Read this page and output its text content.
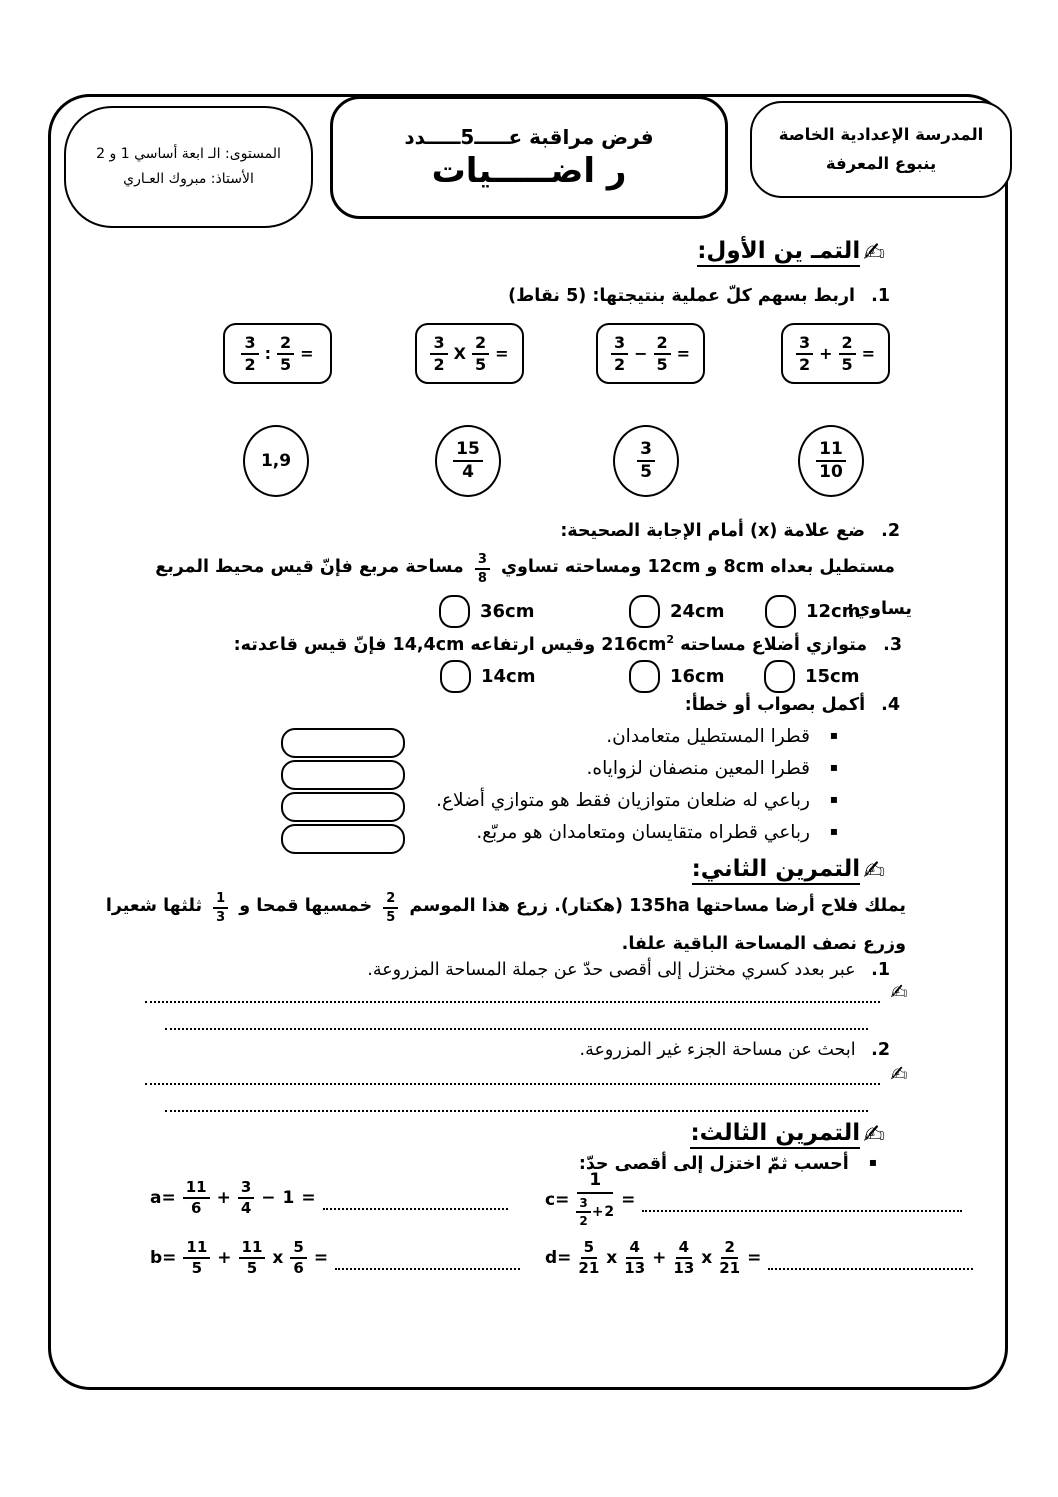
المدرسة الإعدادية الخاصة
ينبوع المعرفة
فرض مراقبة عـــــ5ـــــدد
ر اضـــــيات
المستوى: الـ ابعة أساسي 1 و 2
الأستاذ: مبروك العـاري
✍
التمـ ين الأول:
1. اربط بسهم كلّ عملية بنتيجتها: (5 نقاط)
$\frac{3}{2}$ : $\frac{2}{5}$ =	$\frac{3}{2}$ X $\frac{2}{5}$ =	$\frac{3}{2} - \frac{2}{5}$ =	$\frac{3}{2} + \frac{2}{5}$ =
1,9	$\frac{15}{4}$	$\frac{3}{5}$	$\frac{11}{10}$
2. ضع علامة (x) أمام الإجابة الصحيحة:
مستطيل بعداه 8cm و 12cm ومساحته تساوي
$\frac{3}{8}$
مساحة مربع فإنّ قيس محيط المربع
يساوي:
12cm
24cm
36cm
3. متوازي أضلاع مساحته $216cm^2$ وقيس ارتفاعه 14,4cm فإنّ قيس قاعدته:
15cm
16cm
14cm
4. أكمل بصواب أو خطأ:
▪ قطرا المستطيل متعامدان.
▪ قطرا المعين منصفان لزواياه.
▪ رباعي له ضلعان متوازيان فقط هو متوازي أضلاع.
▪ رباعي قطراه متقايسان ومتعامدان هو مربّع.
✍
التمرين الثاني:
يملك فلاح أرضا مساحتها 135ha (هكتار). زرع هذا الموسم
$\frac{2}{5}$
خمسيها قمحا و
$\frac{1}{3}$
ثلثها شعيرا
وزرع نصف المساحة الباقية علفا.
1. عبر بعدد كسري مختزل إلى أقصى حدّ عن جملة المساحة المزروعة.
✍
2. ابحث عن مساحة الجزء غير المزروعة.
✍
✍
التمرين الثالث:
▪ أحسب ثمّ اختزل إلى أقصى حدّ:
$a= \frac{11}{6} + \frac{3}{4} - 1$ =	c=
1
$\frac{3}{2} + 2$
=
$b= \frac{11}{5} + \frac{11}{5}$ x $\frac{5}{6}$ =	$d= \frac{5}{21}$ x $\frac{4}{13} + \frac{4}{13}$ x $\frac{2}{21}$ =
